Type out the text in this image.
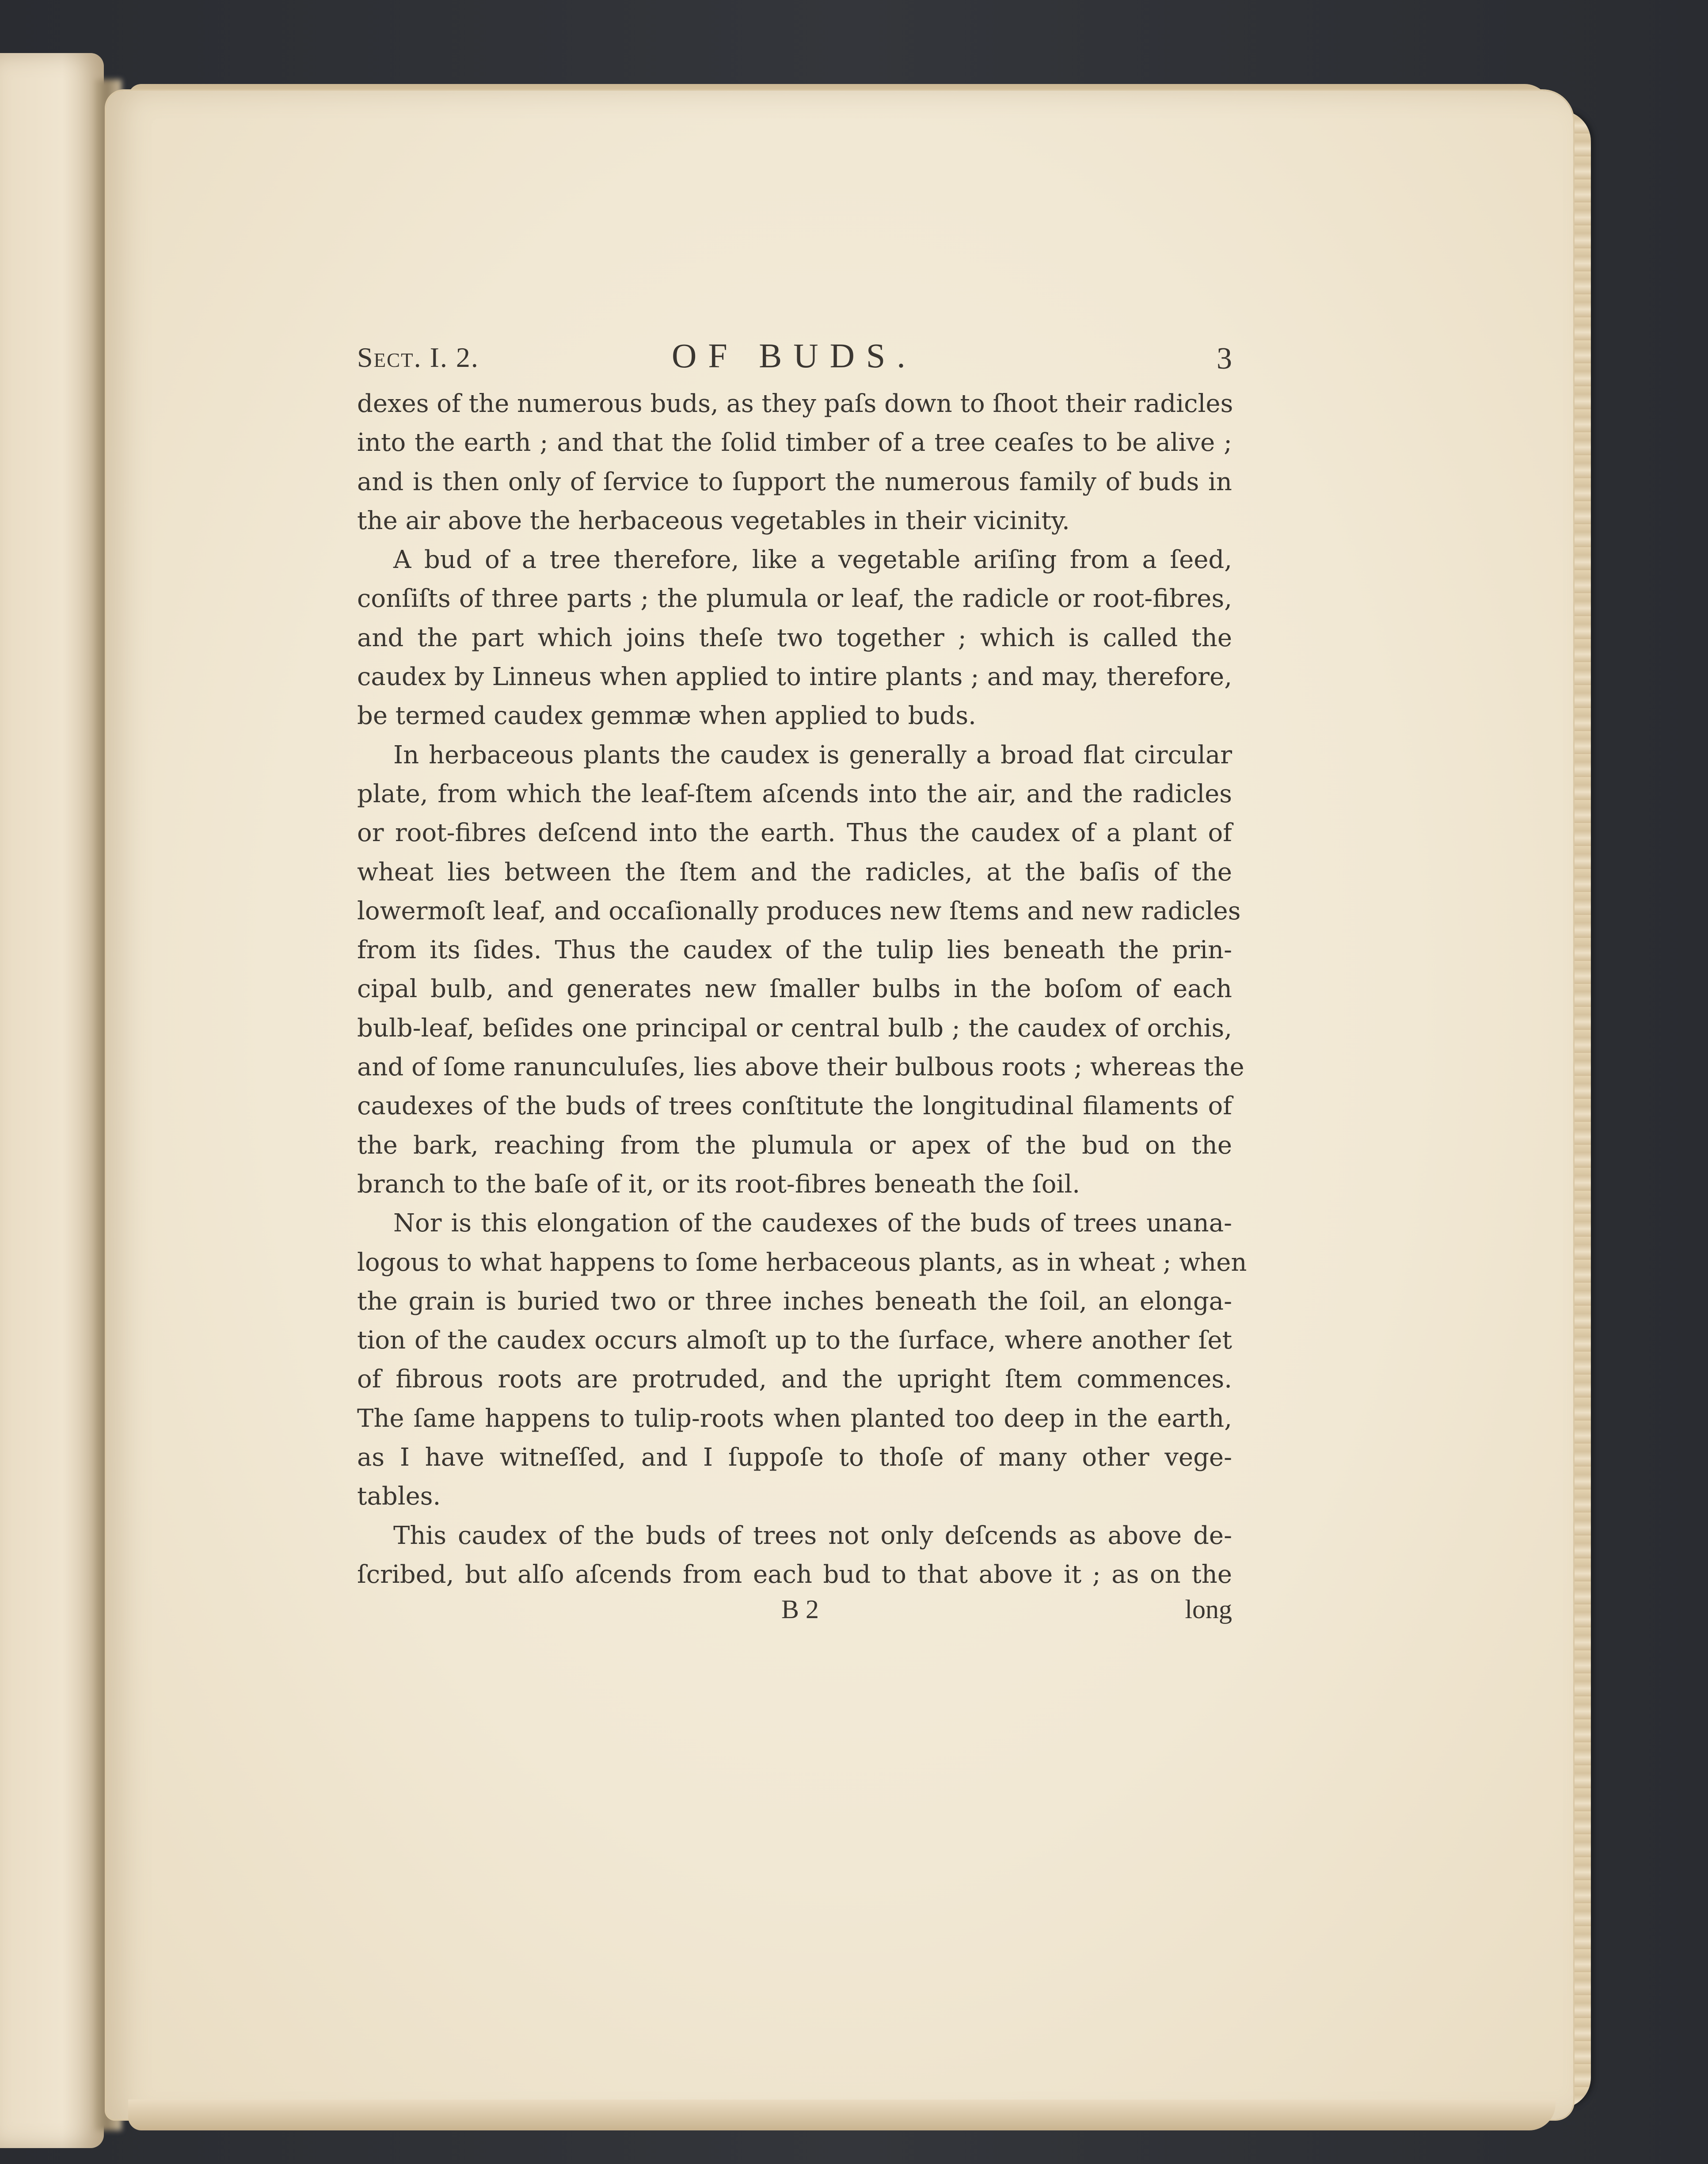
Sect. I. 2.	OF BUDS.	3
dexes of the numerous buds, as they paſs down to ſhoot their radicles
into the earth ; and that the ſolid timber of a tree ceaſes to be alive ;
and is then only of ſervice to ſupport the numerous family of buds in
the air above the herbaceous vegetables in their vicinity.
A bud of a tree therefore, like a vegetable ariſing from a ſeed,
conſiſts of three parts ; the plumula or leaf, the radicle or root-fibres,
and the part which joins theſe two together ; which is called the
caudex by Linneus when applied to intire plants ; and may, therefore,
be termed caudex gemmæ when applied to buds.
In herbaceous plants the caudex is generally a broad flat circular
plate, from which the leaf-ſtem aſcends into the air, and the radicles
or root-fibres deſcend into the earth. Thus the caudex of a plant of
wheat lies between the ſtem and the radicles, at the baſis of the
lowermoſt leaf, and occaſionally produces new ſtems and new radicles
from its ſides. Thus the caudex of the tulip lies beneath the prin-
cipal bulb, and generates new ſmaller bulbs in the boſom of each
bulb-leaf, beſides one principal or central bulb ; the caudex of orchis,
and of ſome ranunculuſes, lies above their bulbous roots ; whereas the
caudexes of the buds of trees conſtitute the longitudinal filaments of
the bark, reaching from the plumula or apex of the bud on the
branch to the baſe of it, or its root-fibres beneath the ſoil.
Nor is this elongation of the caudexes of the buds of trees unana-
logous to what happens to ſome herbaceous plants, as in wheat ; when
the grain is buried two or three inches beneath the ſoil, an elonga-
tion of the caudex occurs almoſt up to the ſurface, where another ſet
of fibrous roots are protruded, and the upright ſtem commences.
The ſame happens to tulip-roots when planted too deep in the earth,
as I have witneſſed, and I ſuppoſe to thoſe of many other vege-
tables.
This caudex of the buds of trees not only deſcends as above de-
ſcribed, but alſo aſcends from each bud to that above it ; as on the
B 2	long
